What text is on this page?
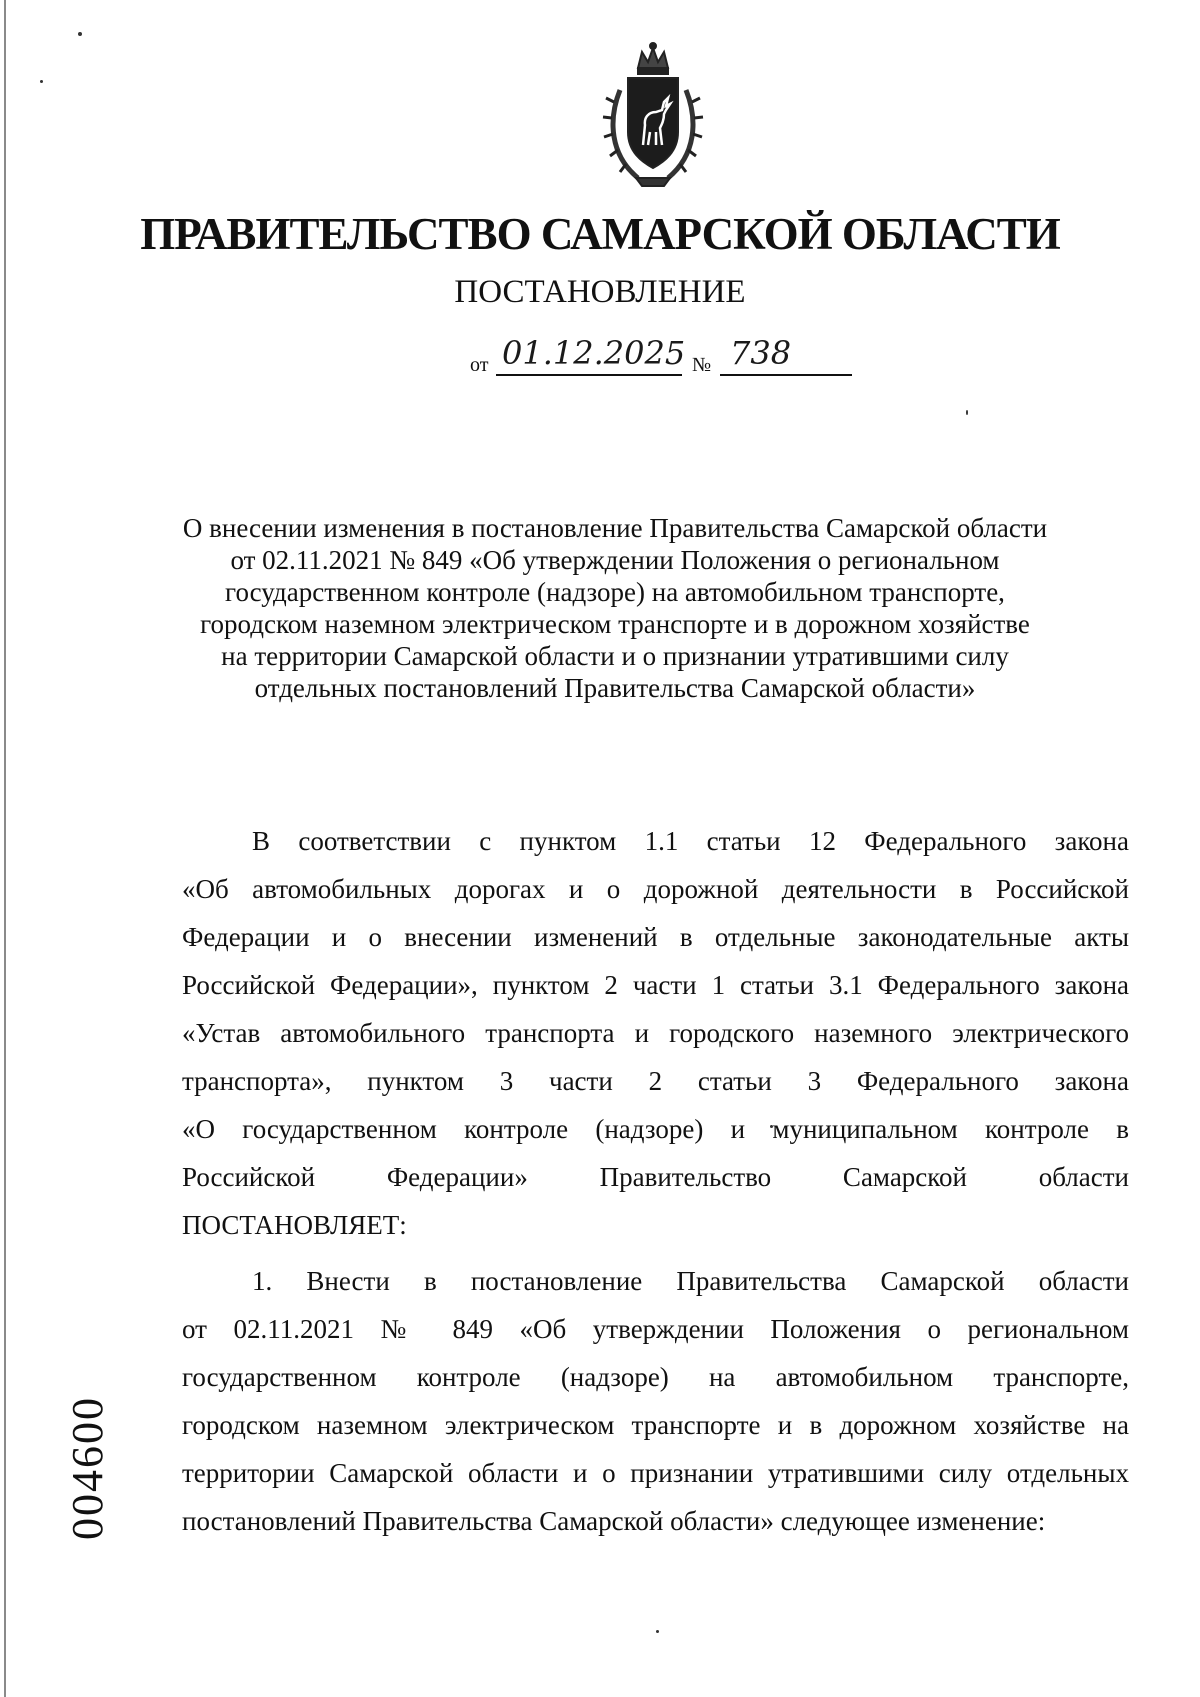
ПРАВИТЕЛЬСТВО САМАРСКОЙ ОБЛАСТИ
ПОСТАНОВЛЕНИЕ
от 01.12.2025 № 738
О внесении изменения в постановление Правительства Самарской области
от 02.11.2021 № 849 «Об утверждении Положения о региональном
государственном контроле (надзоре) на автомобильном транспорте,
городском наземном электрическом транспорте и в дорожном хозяйстве
на территории Самарской области и о признании утратившими силу
отдельных постановлений Правительства Самарской области»
В соответствии с пунктом 1.1 статьи 12 Федерального закона
«Об автомобильных дорогах и о дорожной деятельности в Российской
Федерации и о внесении изменений в отдельные законодательные акты
Российской Федерации», пунктом 2 части 1 статьи 3.1 Федерального закона
«Устав автомобильного транспорта и городского наземного электрического
транспорта», пунктом 3 части 2 статьи 3 Федерального закона
«О государственном контроле (надзоре) и муниципальном контроле в
Российской Федерации» Правительство Самарской области
ПОСТАНОВЛЯЕТ:
1. Внести в постановление Правительства Самарской области
от 02.11.2021 № 849 «Об утверждении Положения о региональном
государственном контроле (надзоре) на автомобильном транспорте,
городском наземном электрическом транспорте и в дорожном хозяйстве на
территории Самарской области и о признании утратившими силу отдельных
постановлений Правительства Самарской области» следующее изменение:
004600
